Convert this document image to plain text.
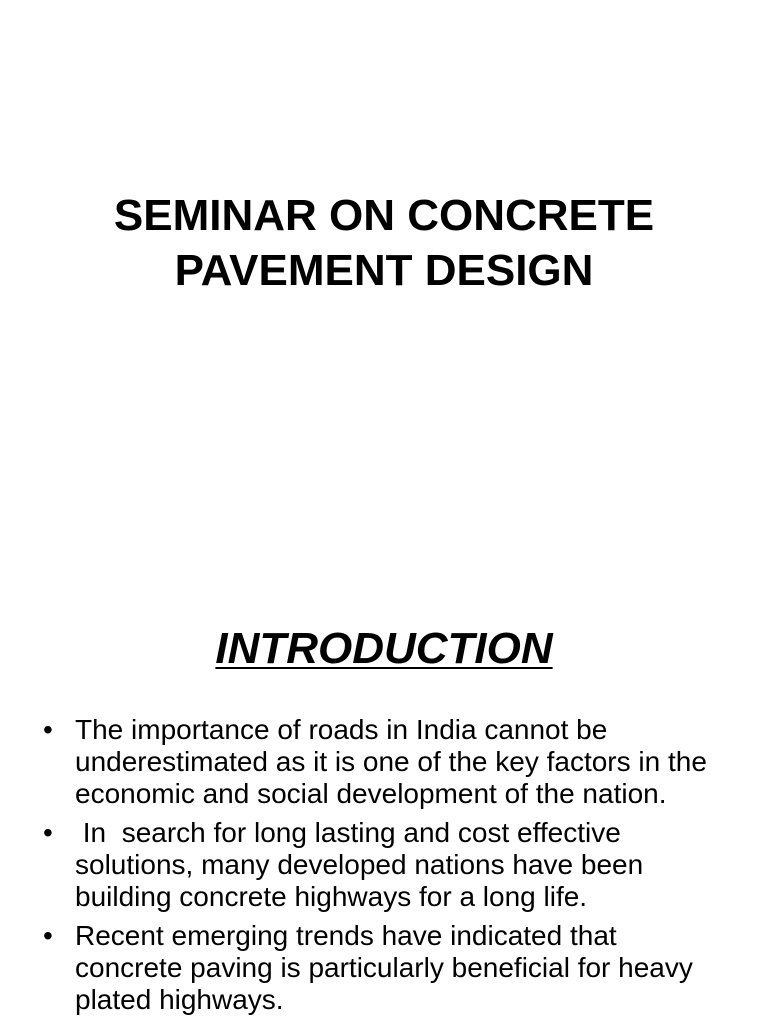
SEMINAR ON CONCRETE
PAVEMENT DESIGN
INTRODUCTION
• The importance of roads in India cannot be underestimated as it is one of the key factors in the economic and social development of the nation.
• In  search for long lasting and cost effective solutions, many developed nations have been building concrete highways for a long life.
• Recent emerging trends have indicated that concrete paving is particularly beneficial for heavy plated highways.
